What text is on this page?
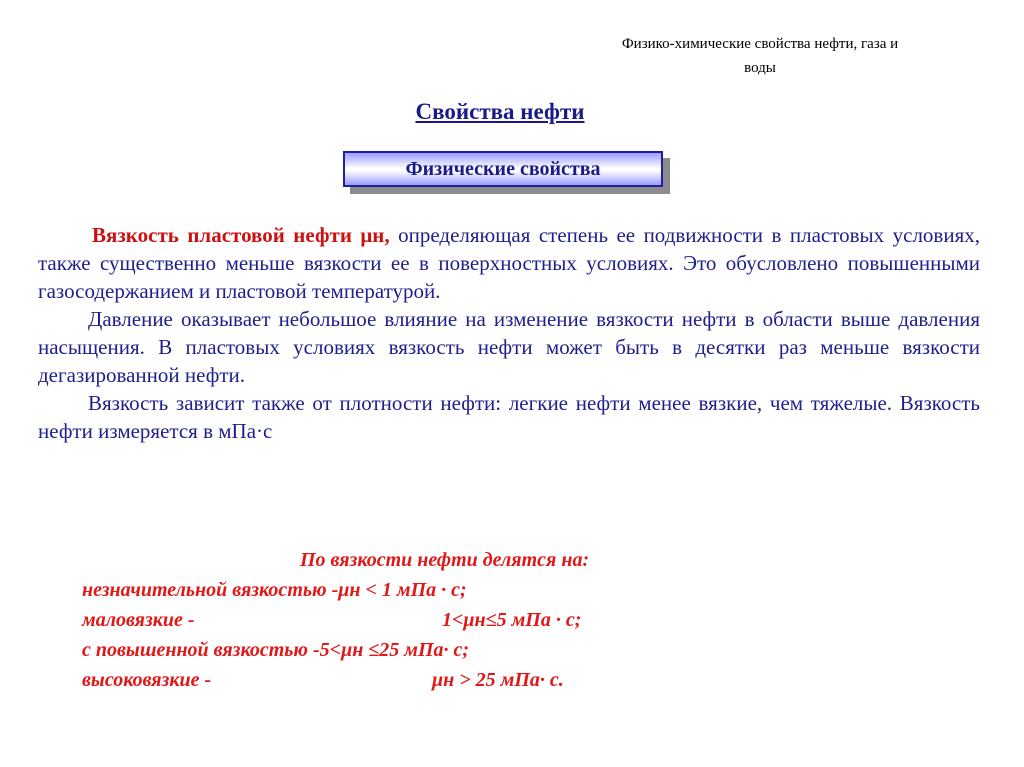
Физико-химические свойства нефти, газа и
воды
Свойства нефти
Физические свойства

Вязкость пластовой нефти μн, определяющая степень ее подвижности в пластовых условиях, также существенно меньше вязкости ее в поверхностных условиях. Это обусловлено повышенными газосодержанием и пластовой температурой.

Давление оказывает небольшое влияние на изменение вязкости нефти в области выше давления насыщения. В пластовых условиях вязкость нефти может быть в десятки раз меньше вязкости дегазированной нефти.

Вязкость зависит также от плотности нефти: легкие нефти менее вязкие, чем тяжелые. Вязкость нефти измеряется в мПа·с

По вязкости нефти делятся на:
незначительной вязкостью -μн < 1 мПа · с;
маловязкие -	1<μн≤5 мПа · с;
с повышенной вязкостью -5<μн ≤25 мПа· с;
высоковязкие -	μн > 25 мПа· с.
